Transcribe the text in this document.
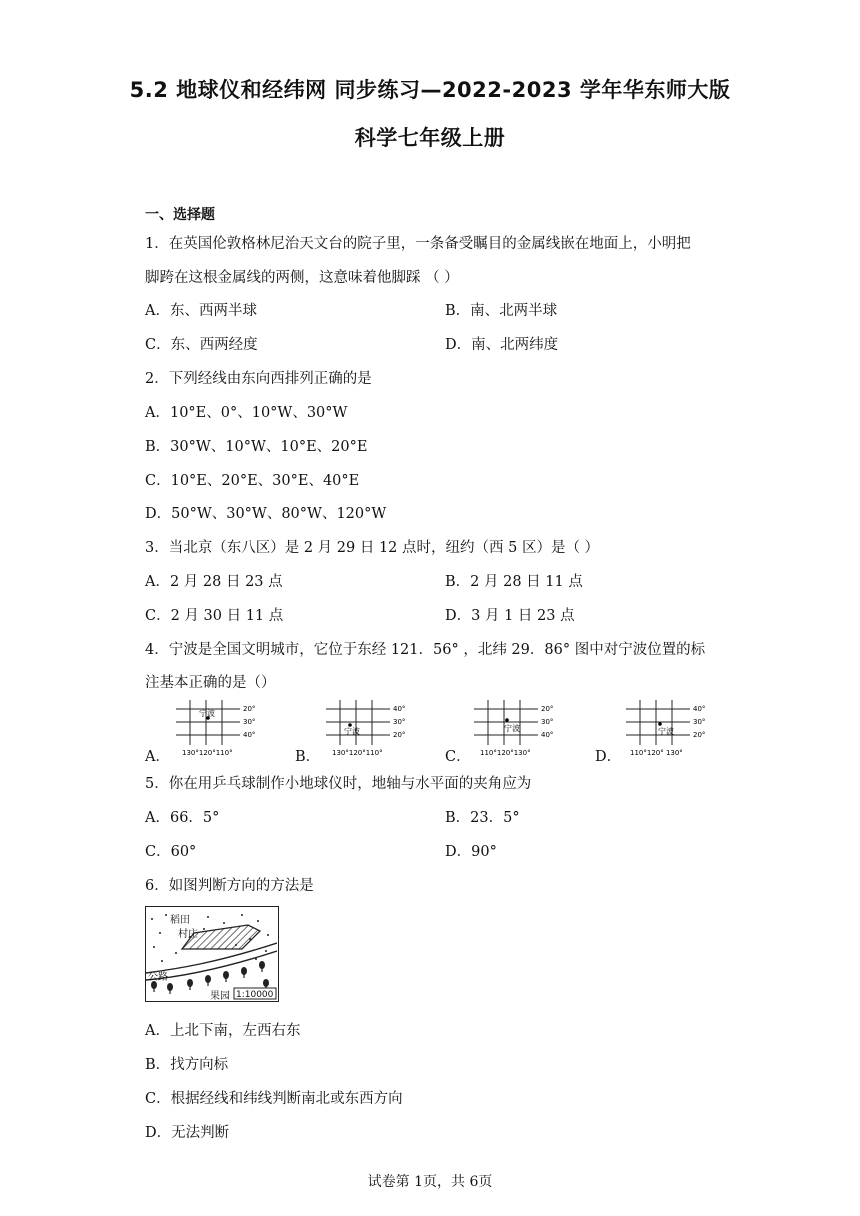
5.2 地球仪和经纬网 同步练习—2022-2023 学年华东师大版
科学七年级上册
一、选择题
1．在英国伦敦格林尼治天文台的院子里，一条备受瞩目的金属线嵌在地面上，小明把
脚跨在这根金属线的两侧，这意味着他脚踩 （ ）
A．东、西两半球	B．南、北两半球
C．东、西两经度	D．南、北两纬度
2．下列经线由东向西排列正确的是
A．10°E、0°、10°W、30°W
B．30°W、10°W、10°E、20°E
C．10°E、20°E、30°E、40°E
D．50°W、30°W、80°W、120°W
3．当北京（东八区）是 2 月 29 日 12 点时，纽约（西 5 区）是（ ）
A．2 月 28 日 23 点	B．2 月 28 日 11 点
C．2 月 30 日 11 点	D．3 月 1 日 23 点
4．宁波是全国文明城市，它位于东经 121．56° ，北纬 29．86° 图中对宁波位置的标
注基本正确的是（）
A．	B．	C．	D．
宁波	20°
30°
40°
130°120°110°
宁波
40°
30°
20°
130°120°110°
宁波
20°
30°
40°
110°120°130°
宁波
40°
30°
20°
110°120° 130°
5．你在用乒乓球制作小地球仪时，地轴与水平面的夹角应为
A．66．5°	B．23．5°
C．60°	D．90°
6．如图判断方向的方法是
稻田
村庄
公路
果园 1:10000
A．上北下南，左西右东
B．找方向标
C．根据经线和纬线判断南北或东西方向
D．无法判断
试卷第 1页，共 6页
